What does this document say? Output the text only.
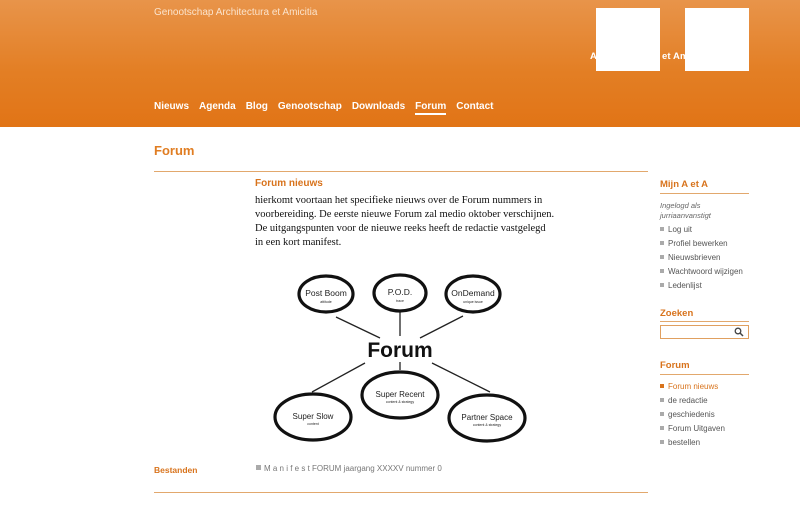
Genootschap Architectura et Amicitia
Architectura et Amicitia
Nieuws Agenda Blog Genootschap Downloads Forum Contact
Forum
Forum nieuws

hierkomt voortaan het specifieke nieuws over de Forum nummers in voorbereiding. De eerste nieuwe Forum zal medio oktober verschijnen. De uitgangspunten voor de nieuwe reeks heeft de redactie vastgelegd in een kort manifest.

Post Boom
attitude
P.O.D.
trace
OnDemand
unique issue
Forum
Super Slow
content
Super Recent
content & strategy
Partner Space
content & strategy
Bestanden	M a n i f e s t FORUM jaargang XXXXV nummer 0
Mijn A et A
Ingelogd als
jurriaanvanstigt
Log uit
Profiel bewerken
Nieuwsbrieven
Wachtwoord wijzigen
Ledenlijst
Zoeken
Forum
Forum nieuws
de redactie
geschiedenis
Forum Uitgaven
bestellen
